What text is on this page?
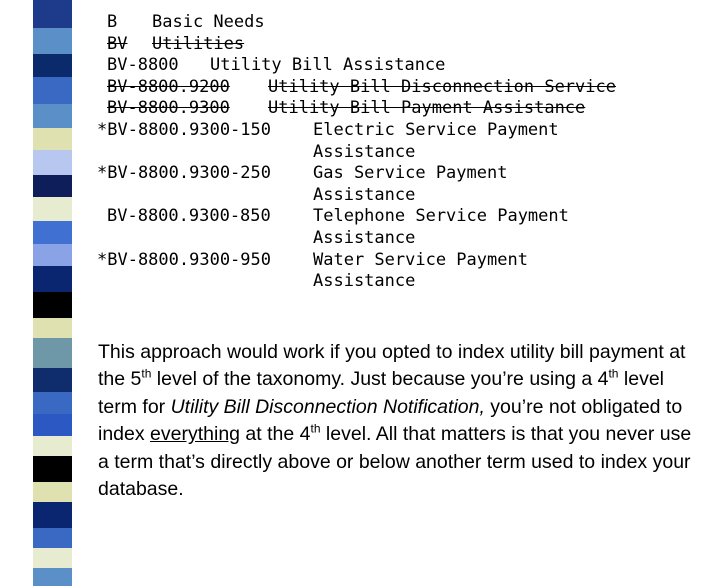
B Basic Needs
BV Utilities
BV-8800 Utility Bill Assistance
BV-8800.9200 Utility Bill Disconnection Service
BV-8800.9300 Utility Bill Payment Assistance
*BV-8800.9300-150 Electric Service Payment
Assistance
*BV-8800.9300-250 Gas Service Payment
Assistance
BV-8800.9300-850 Telephone Service Payment
Assistance
*BV-8800.9300-950 Water Service Payment
Assistance
This approach would work if you opted to index utility bill payment at the 5th level of the taxonomy. Just because you’re using a 4th level term for Utility Bill Disconnection Notification, you’re not obligated to index everything at the 4th level. All that matters is that you never use a term that’s directly above or below another term used to index your database.
